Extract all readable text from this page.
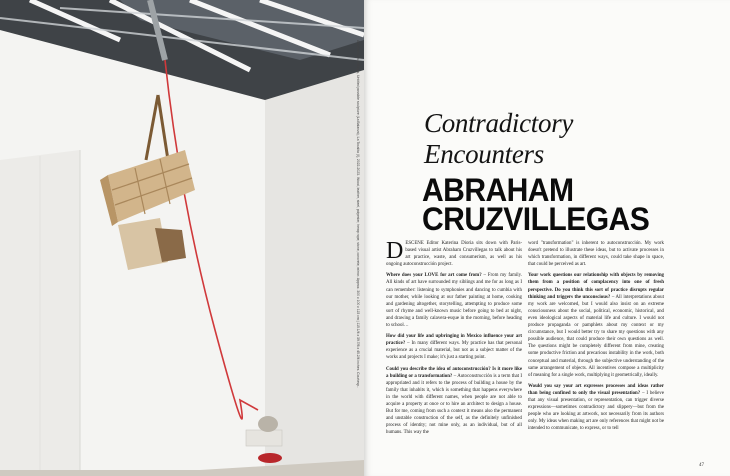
Abraham Cruzvillegas, Untitled possible sculpture (La Balanza), La Tocalita (I), 2022-2023. Wood, leather, steel, polyester, hemp rope, stone, concrete, mirror. Approx. 300 x 100 x 115 cm | 115.1/4 x 39.7/8 x 45.2/4 inches. Courtesy... Contradictory
Encounters
ABRAHAM
CRUZVILLEGAS

DESCENE Editor Katerina Dioria sits down with Paris-based visual artist Abraham Cruzvillegas to talk about his art practice, waste, and consumerism, as well as his ongoing autoconstrucción project.

Where does your LOVE for art come from? – From my family. All kinds of art have surrounded my siblings and me for as long as I can remember: listening to symphonies and dancing to cumbia with our mother, while looking at our father painting at home, cooking and gardening altogether, storytelling, attempting to produce some sort of rhyme and well-known music before going to bed at night, and drawing a family calavera-esque in the morning, before heading to school…

How did your life and upbringing in Mexico influence your art practice? – In many different ways. My practice has that personal experience as a crucial material, but not as a subject matter of the works and projects I make; it's just a starting point.

Could you describe the idea of autoconstrucción? Is it more like a building or a transformation? – Autoconstrucción is a term that I appropriated and it refers to the process of building a house by the family that inhabits it, which is something that happens everywhere in the world with different names, when people are not able to acquire a property at once or to hire an architect to design a house. But for me, coming from such a context it means also the permanent and unstable construction of the self, as the definitely unfinished process of identity; not mine only, as an individual, but of all humans. This way the

word "transformation" is inherent to autoconstrucción. My work doesn't pretend to illustrate these ideas, but to activate processes in which transformation, in different ways, could take shape in space, that could be perceived as art.

Your work questions our relationship with objects by removing them from a position of complacency into one of fresh perspective. Do you think this sort of practice disrupts regular thinking and triggers the unconscious? – All interpretations about my work are welcomed, but I would also insist on an extreme consciousness about the social, political, economic, historical, and even ideological aspects of material life and culture. I would not produce propaganda or pamphlets about my context or my circumstance, but I would better try to share my questions with any possible audience, that could produce their own questions as well. The questions might be completely different from mine, creating some productive friction and precarious instability in the work, both conceptual and material, through the subjective understanding of the same arrangement of objects. All incentives compose a multiplicity of meaning for a single work, multiplying it geometrically, ideally.

Would you say your art expresses processes and ideas rather than being confined to only the visual presentation? – I believe that any visual presentation, or representation, can trigger diverse expressions—sometimes contradictory and slippery—but from the people who are looking at artwork, not necessarily from its authors only. My ideas when making art are only references that might not be intended to communicate, to express, or to tell

47
